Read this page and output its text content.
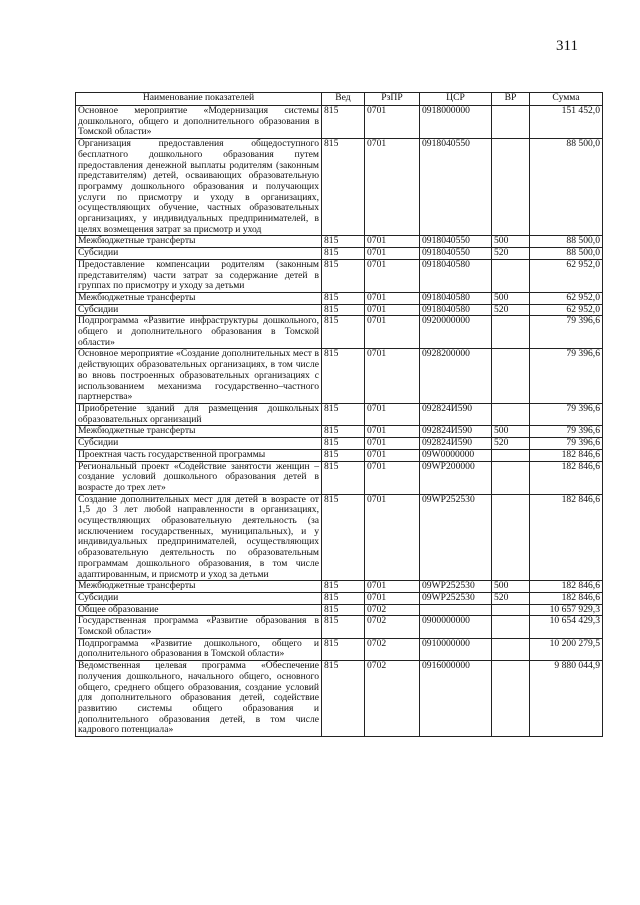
311
Наименование показателей	Вед	РзПР	ЦСР	ВР	Сумма
Основное мероприятие «Модернизация системы дошкольного, общего и дополнительного образования в Томской области»	815	0701	0918000000		151 452,0
Организация предоставления общедоступного бесплатного дошкольного образования путем предоставления денежной выплаты родителям (законным представителям) детей, осваивающих образовательную программу дошкольного образования и получающих услуги по присмотру и уходу в организациях, осуществляющих обучение, частных образовательных организациях, у индивидуальных предпринимателей, в целях возмещения затрат за присмотр и уход	815	0701	0918040550		88 500,0
Межбюджетные трансферты	815	0701	0918040550	500	88 500,0
Субсидии	815	0701	0918040550	520	88 500,0
Предоставление компенсации родителям (законным представителям) части затрат за содержание детей в группах по присмотру и уходу за детьми	815	0701	0918040580		62 952,0
Межбюджетные трансферты	815	0701	0918040580	500	62 952,0
Субсидии	815	0701	0918040580	520	62 952,0
Подпрограмма «Развитие инфраструктуры дошкольного, общего и дополнительного образования в Томской области»	815	0701	0920000000		79 396,6
Основное мероприятие «Создание дополнительных мест в действующих образовательных организациях, в том числе во вновь построенных образовательных организациях с использованием механизма государственно–частного партнерства»	815	0701	0928200000		79 396,6
Приобретение зданий для размещения дошкольных образовательных организаций	815	0701	092824И590		79 396,6
Межбюджетные трансферты	815	0701	092824И590	500	79 396,6
Субсидии	815	0701	092824И590	520	79 396,6
Проектная часть государственной программы	815	0701	09W0000000		182 846,6
Региональный проект «Содействие занятости женщин – создание условий дошкольного образования детей в возрасте до трех лет»	815	0701	09WP200000		182 846,6
Создание дополнительных мест для детей в возрасте от 1,5 до 3 лет любой направленности в организациях, осуществляющих образовательную деятельность (за исключением государственных, муниципальных), и у индивидуальных предпринимателей, осуществляющих образовательную деятельность по образовательным программам дошкольного образования, в том числе адаптированным, и присмотр и уход за детьми	815	0701	09WP252530		182 846,6
Межбюджетные трансферты	815	0701	09WP252530	500	182 846,6
Субсидии	815	0701	09WP252530	520	182 846,6
Общее образование	815	0702			10 657 929,3
Государственная программа «Развитие образования в Томской области»	815	0702	0900000000		10 654 429,3
Подпрограмма «Развитие дошкольного, общего и дополнительного образования в Томской области»	815	0702	0910000000		10 200 279,5
Ведомственная целевая программа «Обеспечение получения дошкольного, начального общего, основного общего, среднего общего образования, создание условий для дополнительного образования детей, содействие развитию системы общего образования и дополнительного образования детей, в том числе кадрового потенциала»	815	0702	0916000000		9 880 044,9
